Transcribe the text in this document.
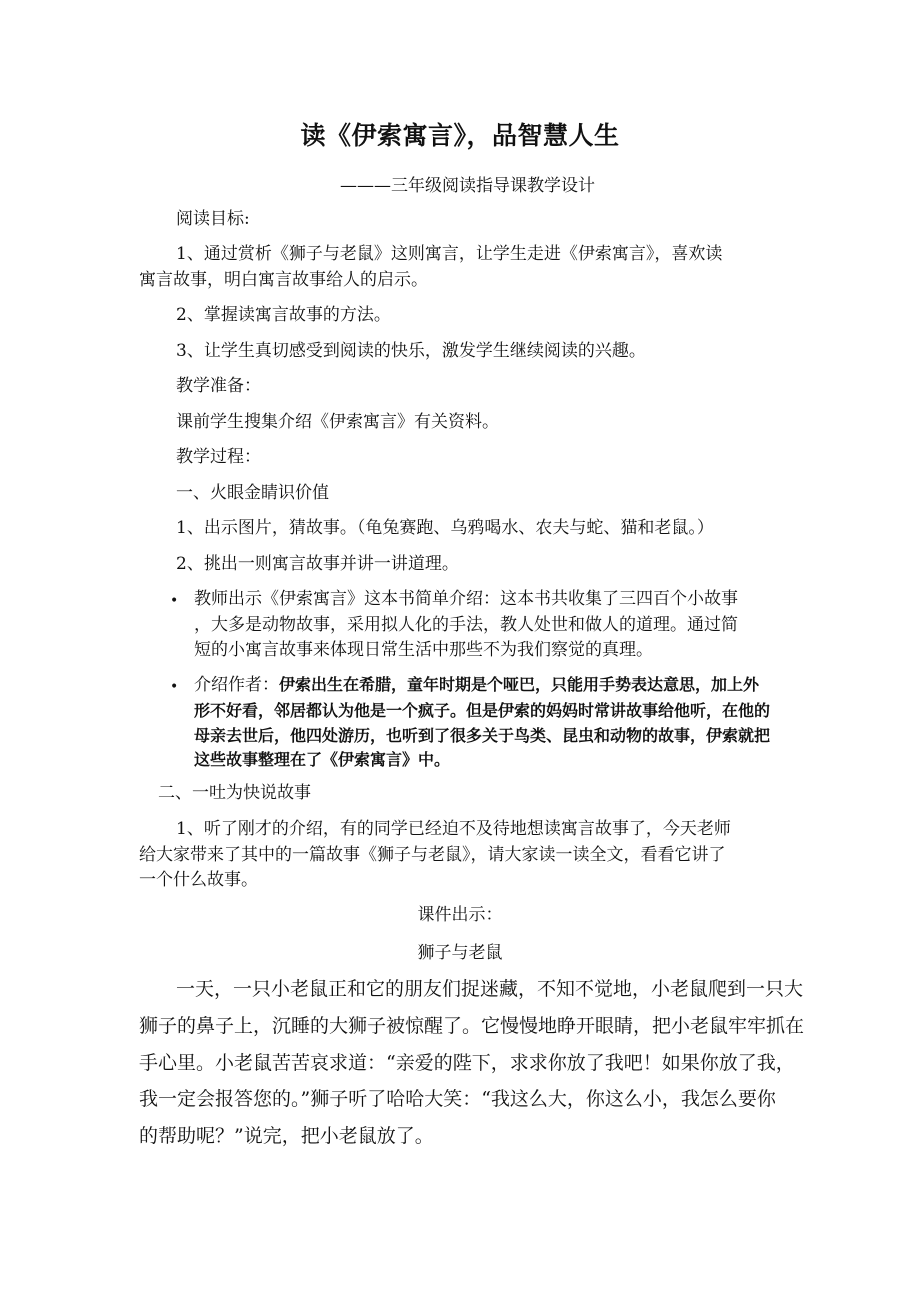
读《伊索寓言》，品智慧人生
———三年级阅读指导课教学设计
阅读目标:
1、通过赏析《狮子与老鼠》这则寓言，让学生走进《伊索寓言》，喜欢读
寓言故事，明白寓言故事给人的启示。
2、掌握读寓言故事的方法。
3、让学生真切感受到阅读的快乐，激发学生继续阅读的兴趣。
教学准备：
课前学生搜集介绍《伊索寓言》有关资料。
教学过程：
一、火眼金睛识价值
1、出示图片，猜故事。（龟兔赛跑、乌鸦喝水、农夫与蛇、猫和老鼠。）
2、挑出一则寓言故事并讲一讲道理。
• 教师出示《伊索寓言》这本书简单介绍：这本书共收集了三四百个小故事
，大多是动物故事，采用拟人化的手法，教人处世和做人的道理。通过简
短的小寓言故事来体现日常生活中那些不为我们察觉的真理。
• 介绍作者：伊索出生在希腊，童年时期是个哑巴，只能用手势表达意思，加上外
形不好看，邻居都认为他是一个疯子。但是伊索的妈妈时常讲故事给他听，在他的
母亲去世后，他四处游历，也听到了很多关于鸟类、昆虫和动物的故事，伊索就把
这些故事整理在了《伊索寓言》中。
二、一吐为快说故事
1、听了刚才的介绍，有的同学已经迫不及待地想读寓言故事了，今天老师
给大家带来了其中的一篇故事《狮子与老鼠》，请大家读一读全文，看看它讲了
一个什么故事。
课件出示：
狮子与老鼠
一天，一只小老鼠正和它的朋友们捉迷藏，不知不觉地，小老鼠爬到一只大
狮子的鼻子上，沉睡的大狮子被惊醒了。它慢慢地睁开眼睛，把小老鼠牢牢抓在
手心里。小老鼠苦苦哀求道：“亲爱的陛下，求求你放了我吧！如果你放了我，
我一定会报答您的。”狮子听了哈哈大笑：“我这么大，你这么小，我怎么要你
的帮助呢？”说完，把小老鼠放了。
